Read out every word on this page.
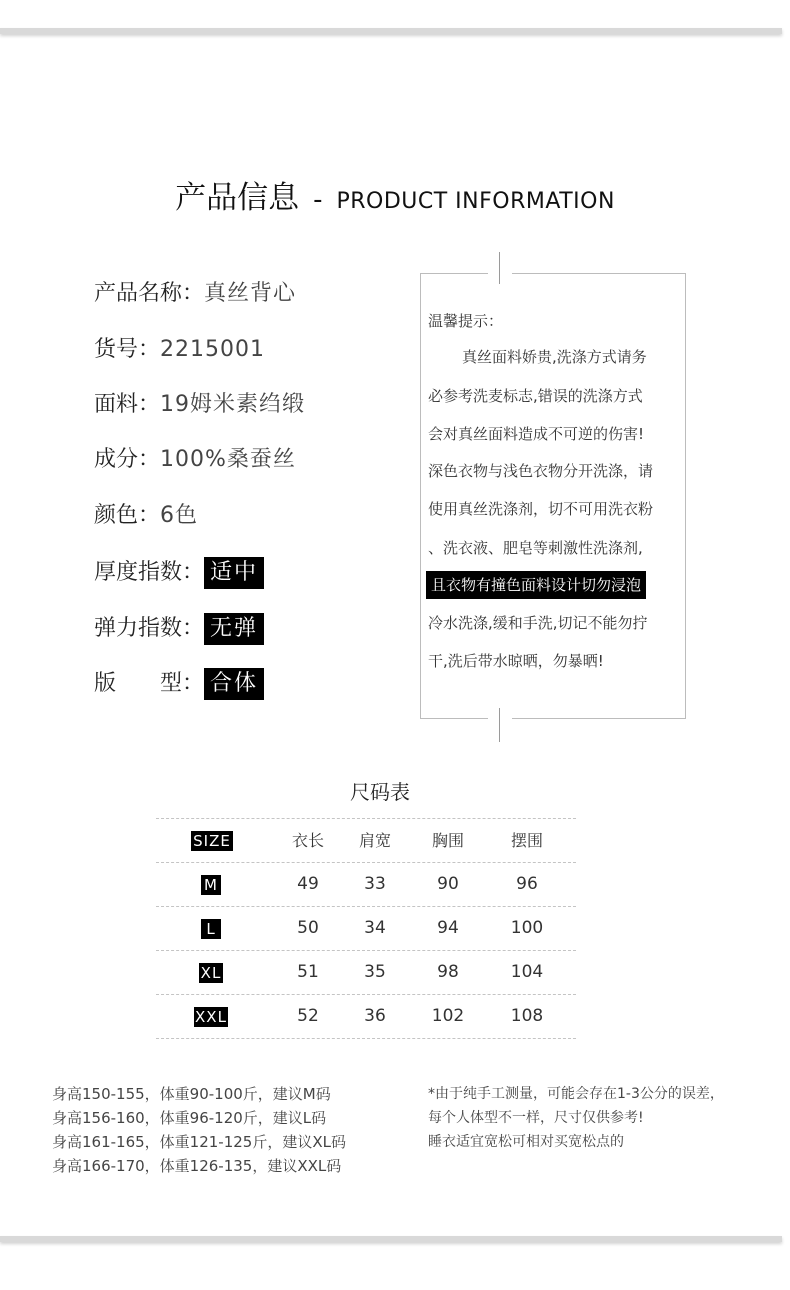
产品信息 - PRODUCT INFORMATION
产品名称：真丝背心
货号：2215001
面料：19姆米素绉缎
成分：100%桑蚕丝
颜色：6色
厚度指数： 适中
弹力指数： 无弹
版　　型： 合体
温馨提示：
真丝面料娇贵,洗涤方式请务
必参考洗麦标志,错误的洗涤方式
会对真丝面料造成不可逆的伤害!
深色衣物与浅色衣物分开洗涤，请
使用真丝洗涤剂，切不可用洗衣粉
、洗衣液、肥皂等刺激性洗涤剂,
且衣物有撞色面料设计切勿浸泡
冷水洗涤,缓和手洗,切记不能勿拧
干,洗后带水晾晒，勿暴晒!
尺码表
SIZE	衣长	肩宽	胸围	摆围
M	49	33	90	96
L	50	34	94	100
XL	51	35	98	104
XXL	52	36	102	108
身高150-155，体重90-100斤，建议M码
身高156-160，体重96-120斤，建议L码
身高161-165，体重121-125斤，建议XL码
身高166-170，体重126-135，建议XXL码
*由于纯手工测量，可能会存在1-3公分的误差，
每个人体型不一样，尺寸仅供参考!
睡衣适宜宽松可相对买宽松点的
